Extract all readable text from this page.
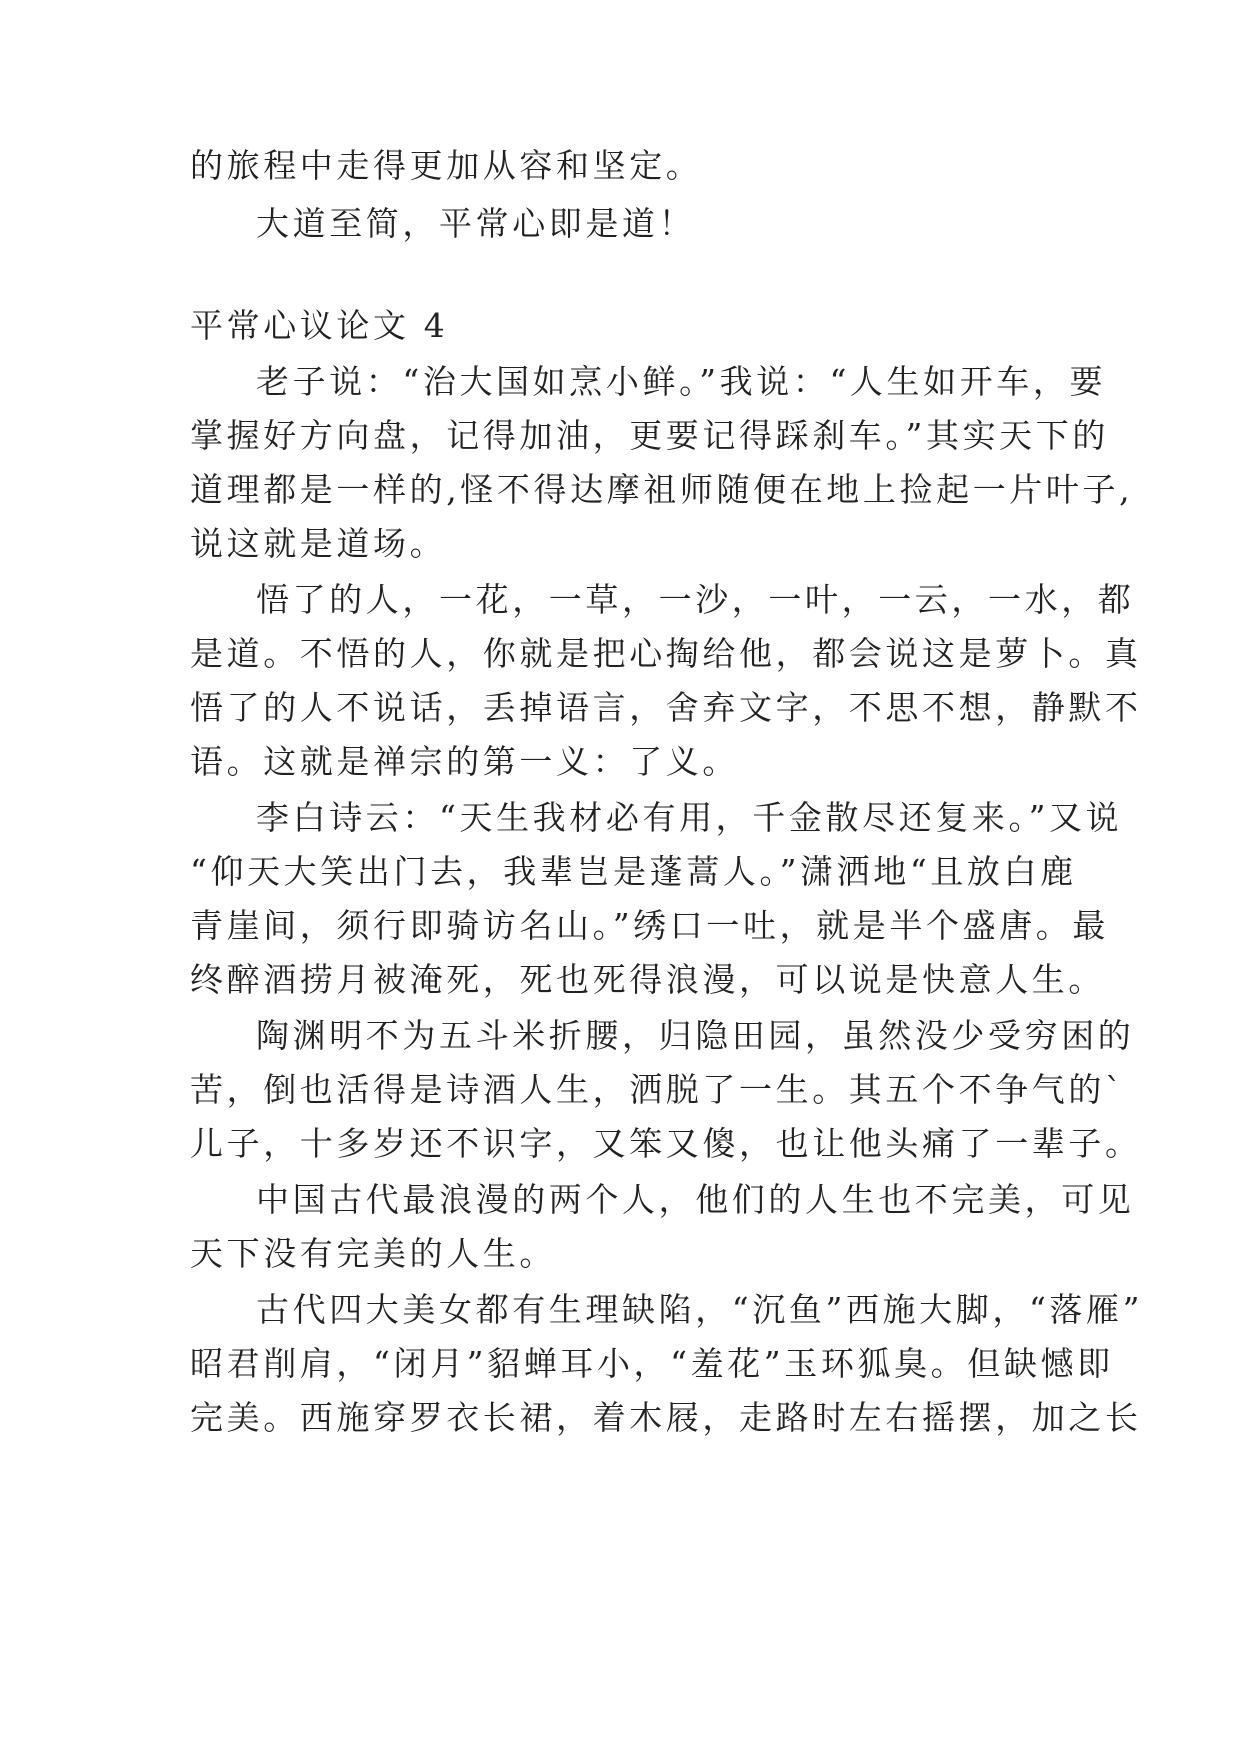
的旅程中走得更加从容和坚定。
大道至简，平常心即是道！
平常心议论文 4
老子说：“治大国如烹小鲜。”我说：“人生如开车，要
掌握好方向盘，记得加油，更要记得踩刹车。”其实天下的
道理都是一样的,怪不得达摩祖师随便在地上捡起一片叶子,
说这就是道场。
悟了的人，一花，一草，一沙，一叶，一云，一水，都
是道。不悟的人，你就是把心掏给他，都会说这是萝卜。真
悟了的人不说话，丢掉语言，舍弃文字，不思不想，静默不
语。这就是禅宗的第一义：了义。
李白诗云：“天生我材必有用，千金散尽还复来。”又说
“仰天大笑出门去，我辈岂是蓬蒿人。”潇洒地“且放白鹿
青崖间，须行即骑访名山。”绣口一吐，就是半个盛唐。最
终醉酒捞月被淹死，死也死得浪漫，可以说是快意人生。
陶渊明不为五斗米折腰，归隐田园，虽然没少受穷困的
苦，倒也活得是诗酒人生，洒脱了一生。其五个不争气的`
儿子，十多岁还不识字，又笨又傻，也让他头痛了一辈子。
中国古代最浪漫的两个人，他们的人生也不完美，可见
天下没有完美的人生。
古代四大美女都有生理缺陷，“沉鱼”西施大脚，“落雁”
昭君削肩，“闭月”貂蝉耳小，“羞花”玉环狐臭。但缺憾即
完美。西施穿罗衣长裙，着木屐，走路时左右摇摆，加之长
